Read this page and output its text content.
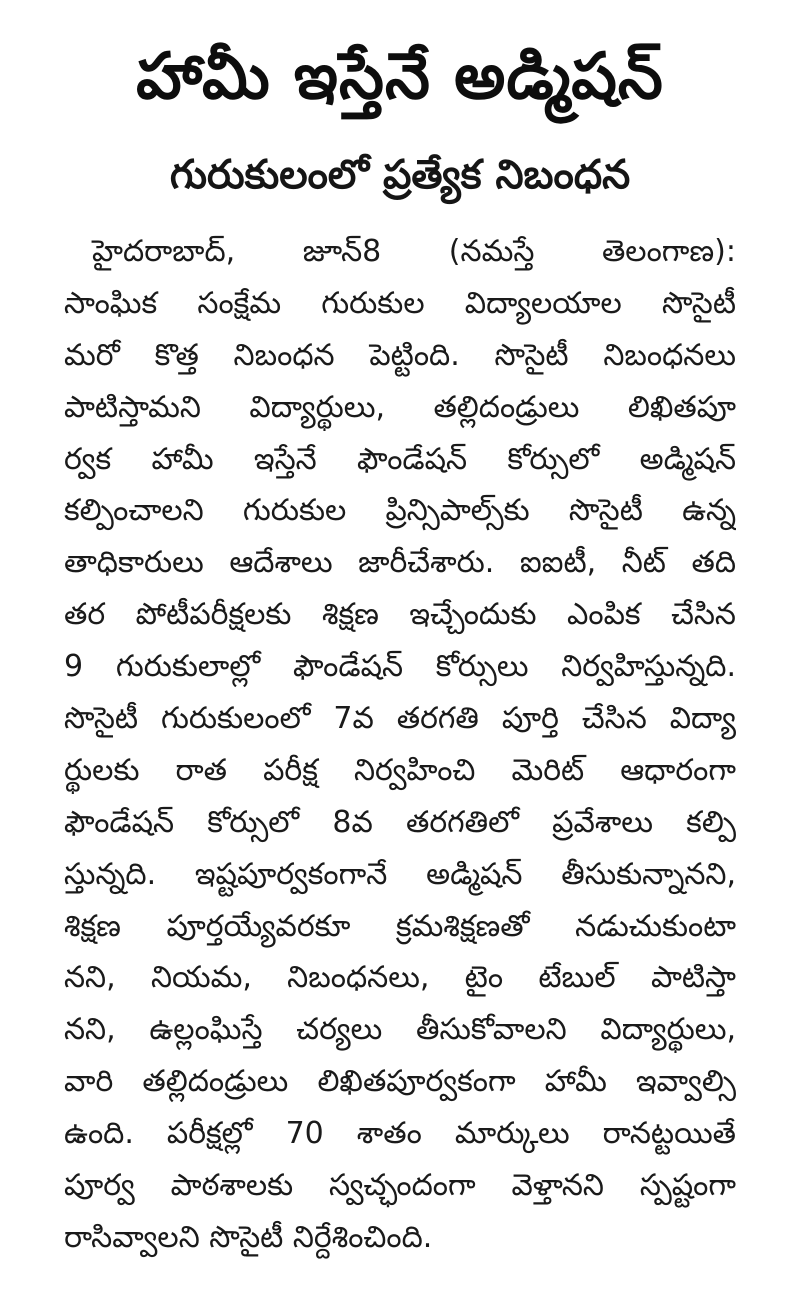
హామీ ఇస్తేనే అడ్మిషన్
గురుకులంలో ప్రత్యేక నిబంధన
హైదరాబాద్, జూన్8 (నమస్తే తెలంగాణ):
సాంఘిక సంక్షేమ గురుకుల విద్యాలయాల సొసైటీ
మరో కొత్త నిబంధన పెట్టింది. సొసైటీ నిబంధనలు
పాటిస్తామని విద్యార్థులు, తల్లిదండ్రులు లిఖితపూ
ర్వక హామీ ఇస్తేనే ఫౌండేషన్ కోర్సులో అడ్మిషన్
కల్పించాలని గురుకుల ప్రిన్సిపాల్స్‌కు సొసైటీ ఉన్న
తాధికారులు ఆదేశాలు జారీచేశారు. ఐఐటీ, నీట్ తది
తర పోటీపరీక్షలకు శిక్షణ ఇచ్చేందుకు ఎంపిక చేసిన
9 గురుకులాల్లో ఫౌండేషన్ కోర్సులు నిర్వహిస్తున్నది.
సొసైటీ గురుకులంలో 7వ తరగతి పూర్తి చేసిన విద్యా
ర్థులకు రాత పరీక్ష నిర్వహించి మెరిట్ ఆధారంగా
ఫౌండేషన్ కోర్సులో 8వ తరగతిలో ప్రవేశాలు కల్పి
స్తున్నది. ఇష్టపూర్వకంగానే అడ్మిషన్ తీసుకున్నానని,
శిక్షణ పూర్తయ్యేవరకూ క్రమశిక్షణతో నడుచుకుంటా
నని, నియమ, నిబంధనలు, టైం టేబుల్ పాటిస్తా
నని, ఉల్లంఘిస్తే చర్యలు తీసుకోవాలని విద్యార్థులు,
వారి తల్లిదండ్రులు లిఖితపూర్వకంగా హామీ ఇవ్వాల్సి
ఉంది. పరీక్షల్లో 70 శాతం మార్కులు రానట్టయితే
పూర్వ పాఠశాలకు స్వచ్ఛందంగా వెళ్తానని స్పష్టంగా
రాసివ్వాలని సొసైటీ నిర్దేశించింది.
